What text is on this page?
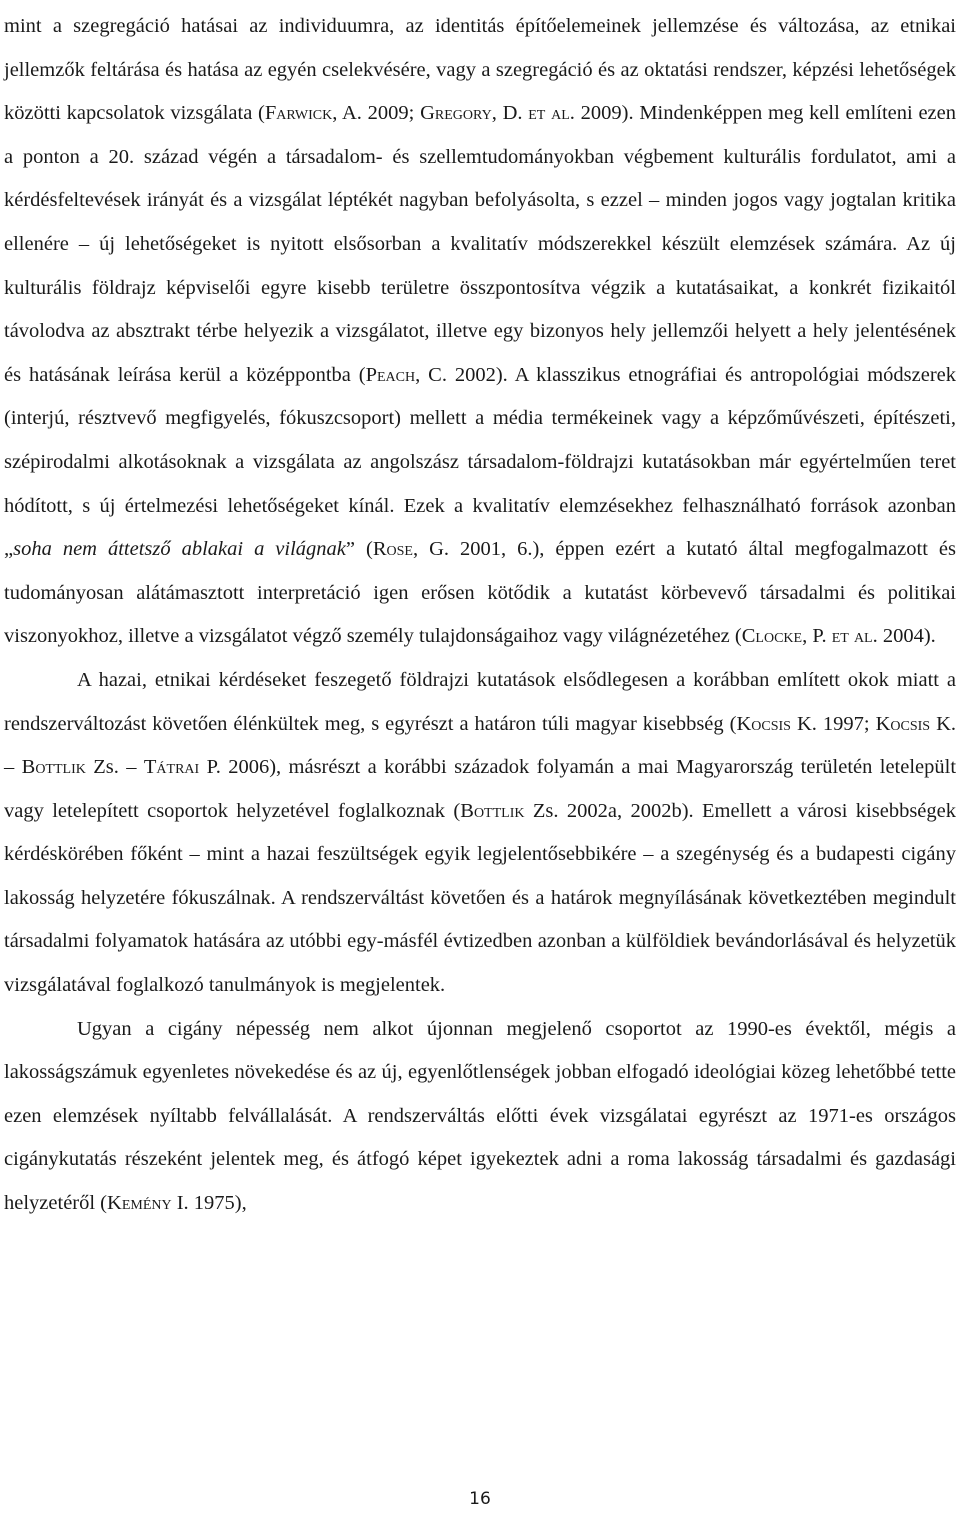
mint a szegregáció hatásai az individuumra, az identitás építőelemeinek jellemzése és változása, az etnikai jellemzők feltárása és hatása az egyén cselekvésére, vagy a szegregáció és az oktatási rendszer, képzési lehetőségek közötti kapcsolatok vizsgálata (Farwick, A. 2009; Gregory, D. et al. 2009). Mindenképpen meg kell említeni ezen a ponton a 20. század végén a társadalom- és szellemtudományokban végbement kulturális fordulatot, ami a kérdésfeltevések irányát és a vizsgálat léptékét nagyban befolyásolta, s ezzel – minden jogos vagy jogtalan kritika ellenére – új lehetőségeket is nyitott elsősorban a kvalitatív módszerekkel készült elemzések számára. Az új kulturális földrajz képviselői egyre kisebb területre összpontosítva végzik a kutatásaikat, a konkrét fizikaitól távolodva az absztrakt térbe helyezik a vizsgálatot, illetve egy bizonyos hely jellemzői helyett a hely jelentésének és hatásának leírása kerül a középpontba (Peach, C. 2002). A klasszikus etnográfiai és antropológiai módszerek (interjú, résztvevő megfigyelés, fókuszcsoport) mellett a média termékeinek vagy a képzőművészeti, építészeti, szépirodalmi alkotásoknak a vizsgálata az angolszász társadalom-földrajzi kutatásokban már egyértelműen teret hódított, s új értelmezési lehetőségeket kínál. Ezek a kvalitatív elemzésekhez felhasználható források azonban „soha nem áttetsző ablakai a világnak” (Rose, G. 2001, 6.), éppen ezért a kutató által megfogalmazott és tudományosan alátámasztott interpretáció igen erősen kötődik a kutatást körbevevő társadalmi és politikai viszonyokhoz, illetve a vizsgálatot végző személy tulajdonságaihoz vagy világnézetéhez (Clocke, P. et al. 2004).

A hazai, etnikai kérdéseket feszegető földrajzi kutatások elsődlegesen a korábban említett okok miatt a rendszerváltozást követően élénkültek meg, s egyrészt a határon túli magyar kisebbség (Kocsis K. 1997; Kocsis K. – Bottlik Zs. – Tátrai P. 2006), másrészt a korábbi századok folyamán a mai Magyarország területén letelepült vagy letelepített csoportok helyzetével foglalkoznak (Bottlik Zs. 2002a, 2002b). Emellett a városi kisebbségek kérdéskörében főként – mint a hazai feszültségek egyik legjelentősebbikére – a szegénység és a budapesti cigány lakosság helyzetére fókuszálnak. A rendszerváltást követően és a határok megnyílásának következtében megindult társadalmi folyamatok hatására az utóbbi egy-másfél évtizedben azonban a külföldiek bevándorlásával és helyzetük vizsgálatával foglalkozó tanulmányok is megjelentek.

Ugyan a cigány népesség nem alkot újonnan megjelenő csoportot az 1990-es évektől, mégis a lakosságszámuk egyenletes növekedése és az új, egyenlőtlenségek jobban elfogadó ideológiai közeg lehetőbbé tette ezen elemzések nyíltabb felvállalását. A rendszerváltás előtti évek vizsgálatai egyrészt az 1971-es országos cigánykutatás részeként jelentek meg, és átfogó képet igyekeztek adni a roma lakosság társadalmi és gazdasági helyzetéről (Kemény I. 1975),

16
